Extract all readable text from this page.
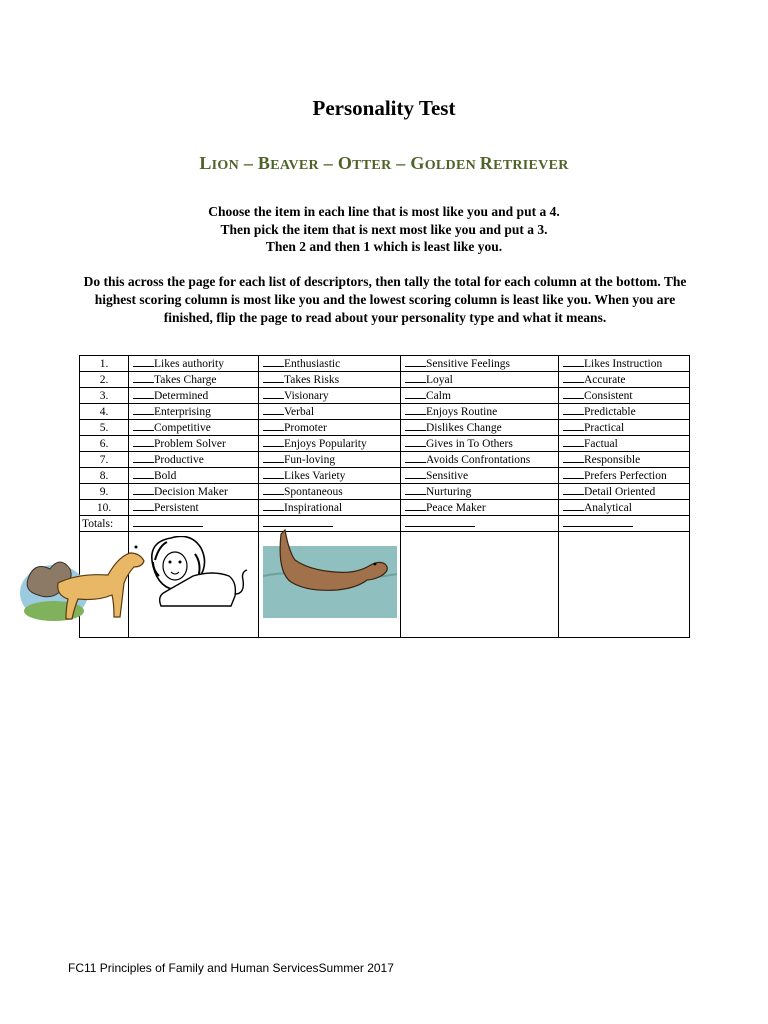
Personality Test
LION – BEAVER – OTTER – GOLDEN RETRIEVER
Choose the item in each line that is most like you and put a 4.
Then pick the item that is next most like you and put a 3.
Then 2 and then 1 which is least like you.
Do this across the page for each list of descriptors, then tally the total for each column at the bottom. The highest scoring column is most like you and the lowest scoring column is least like you. When you are finished, flip the page to read about your personality type and what it means.
1.	Likes authority	Enthusiastic	Sensitive Feelings	Likes Instruction
2.	Takes Charge	Takes Risks	Loyal	Accurate
3.	Determined	Visionary	Calm	Consistent
4.	Enterprising	Verbal	Enjoys Routine	Predictable
5.	Competitive	Promoter	Dislikes Change	Practical
6.	Problem Solver	Enjoys Popularity	Gives in To Others	Factual
7.	Productive	Fun-loving	Avoids Confrontations	Responsible
8.	Bold	Likes Variety	Sensitive	Prefers Perfection
9.	Decision Maker	Spontaneous	Nurturing	Detail Oriented
10.	Persistent	Inspirational	Peace Maker	Analytical
Totals:				

FC11 Principles of Family and Human ServicesSummer 2017
